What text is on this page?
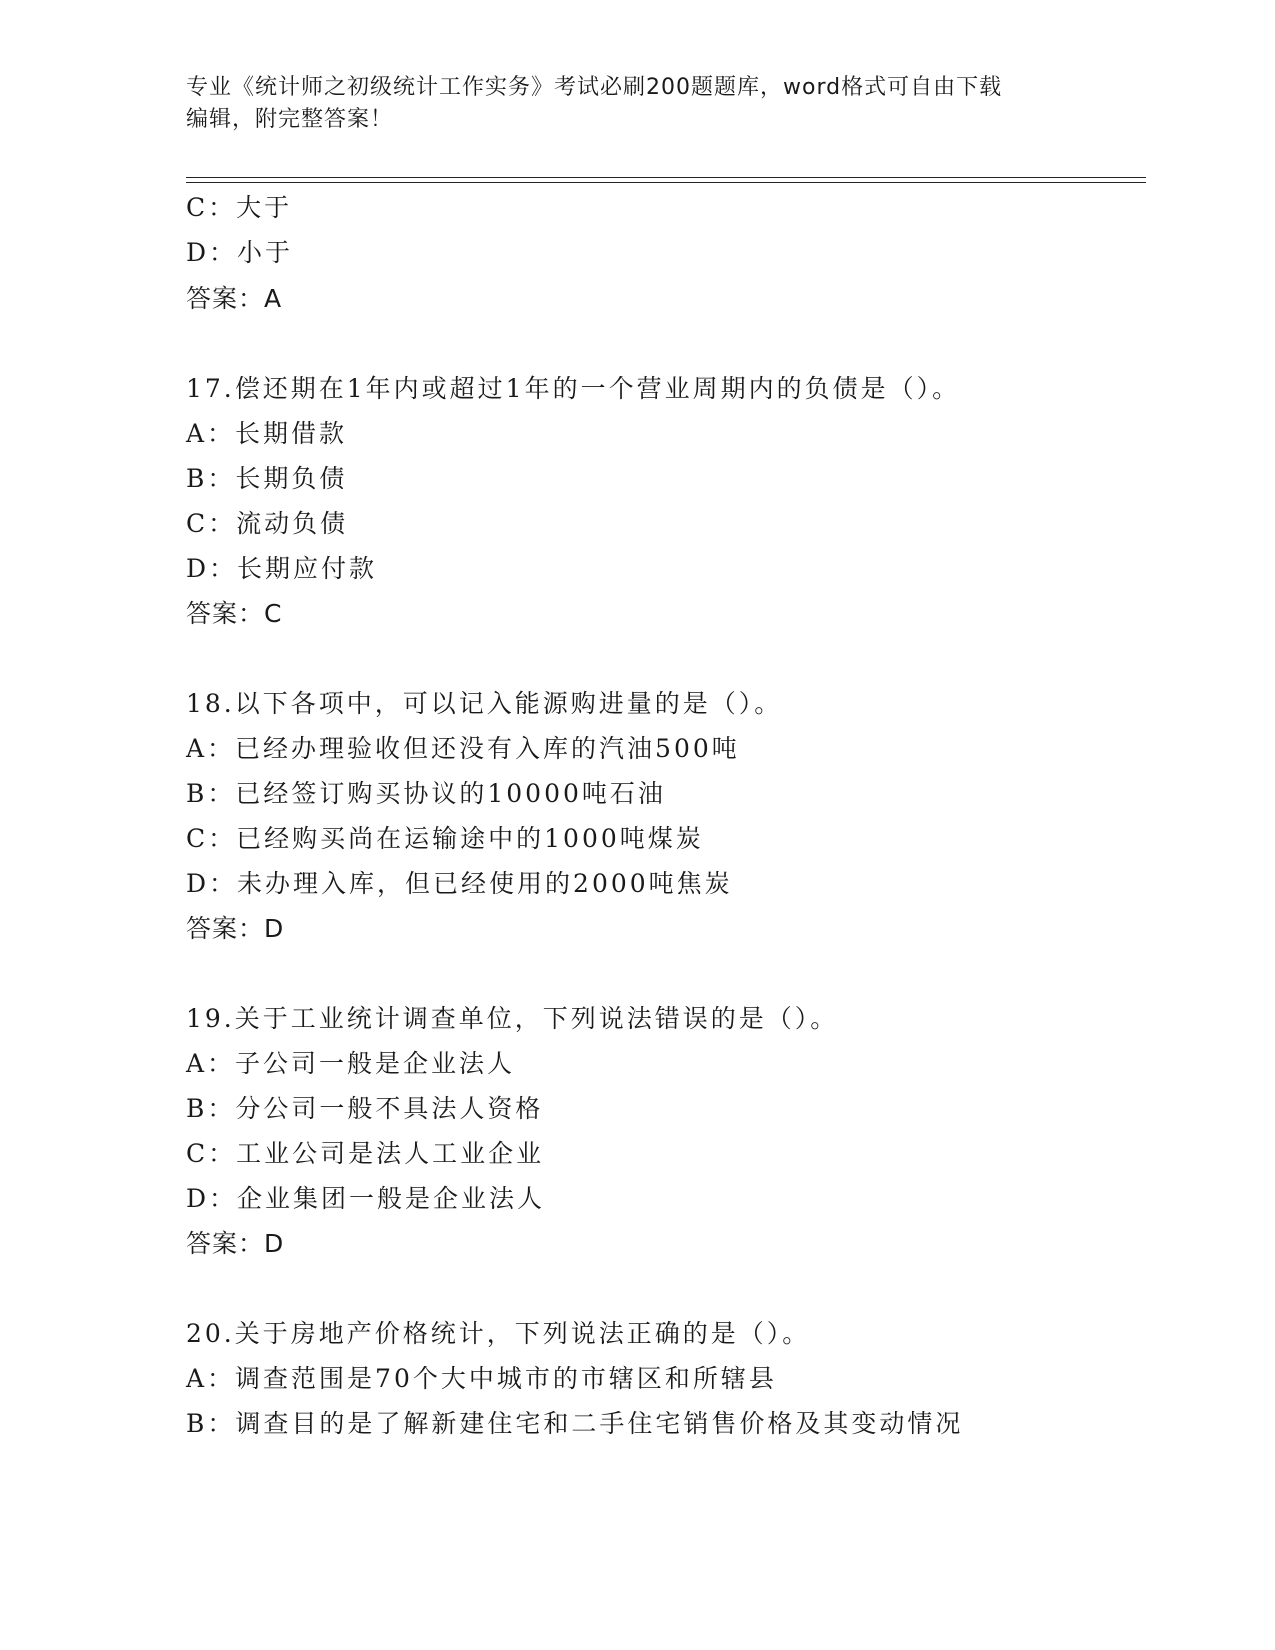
专业《统计师之初级统计工作实务》考试必刷200题题库，word格式可自由下载
编辑，附完整答案！
C：大于
D：小于
答案：A
17.偿还期在1年内或超过1年的一个营业周期内的负债是（）。
A：长期借款
B：长期负债
C：流动负债
D：长期应付款
答案：C
18.以下各项中，可以记入能源购进量的是（）。
A：已经办理验收但还没有入库的汽油500吨
B：已经签订购买协议的10000吨石油
C：已经购买尚在运输途中的1000吨煤炭
D：未办理入库，但已经使用的2000吨焦炭
答案：D
19.关于工业统计调查单位，下列说法错误的是（）。
A：子公司一般是企业法人
B：分公司一般不具法人资格
C：工业公司是法人工业企业
D：企业集团一般是企业法人
答案：D
20.关于房地产价格统计，下列说法正确的是（）。
A：调查范围是70个大中城市的市辖区和所辖县
B：调查目的是了解新建住宅和二手住宅销售价格及其变动情况
